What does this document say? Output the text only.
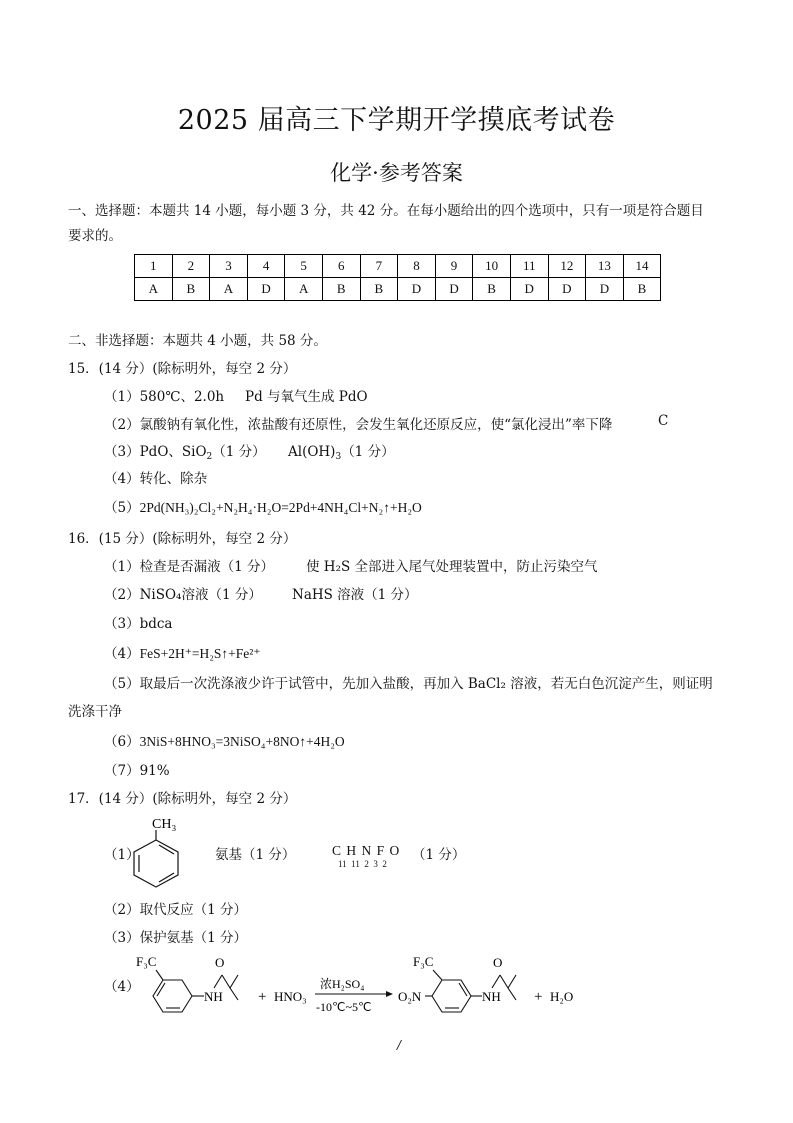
2025 届高三下学期开学摸底考试卷
化学·参考答案
一、选择题：本题共 14 小题，每小题 3 分，共 42 分。在每小题给出的四个选项中，只有一项是符合题目
要求的。
1	2	3	4	5	6	7	8	9	10	11	12	13	14
A	B	A	D	A	B	B	D	D	B	D	D	D	B
二、非选择题：本题共 4 小题，共 58 分。
15．(14 分）(除标明外，每空 2 分）
（1）580℃、2.0h Pd 与氧气生成 PdO
（2）氯酸钠有氧化性，浓盐酸有还原性，会发生氧化还原反应，使“氯化浸出”率下降	C
（3）PdO、SiO$_2$（1 分） $Al(OH)_3(1$ 分）
（4）转化、除杂
（5）2Pd(NH₃)₂Cl₂+N₂H₄·H₂O=2Pd+4NH₄Cl+N₂↑+H₂O
16．(15 分）(除标明外，每空 2 分）
（1）检查是否漏液（1 分） 使 H₂S 全部进入尾气处理装置中，防止污染空气
（2）NiSO₄溶液（1 分） NaHS 溶液（1 分）
（3）bdca
（4）FeS+2H⁺=H₂S↑+Fe²⁺
（5）取最后一次洗涤液少许于试管中，先加入盐酸，再加入 BaCl₂ 溶液，若无白色沉淀产生，则证明
洗涤干净
（6）3NiS+8HNO₃=3NiSO₄+8NO↑+4H₂O
（7）91%
17．(14 分）(除标明外，每空 2 分）
（1）
CH₃
氨基（1 分）	C H N F O
11  11  2  3  2
（1 分）
（2）取代反应（1 分）
（3）保护氨基（1 分）
（4）
F₃C
NH
O
+ HNO₃
浓H₂SO₄
-10℃~5℃
O₂N
F₃C
NH
O
+ H₂O
/
